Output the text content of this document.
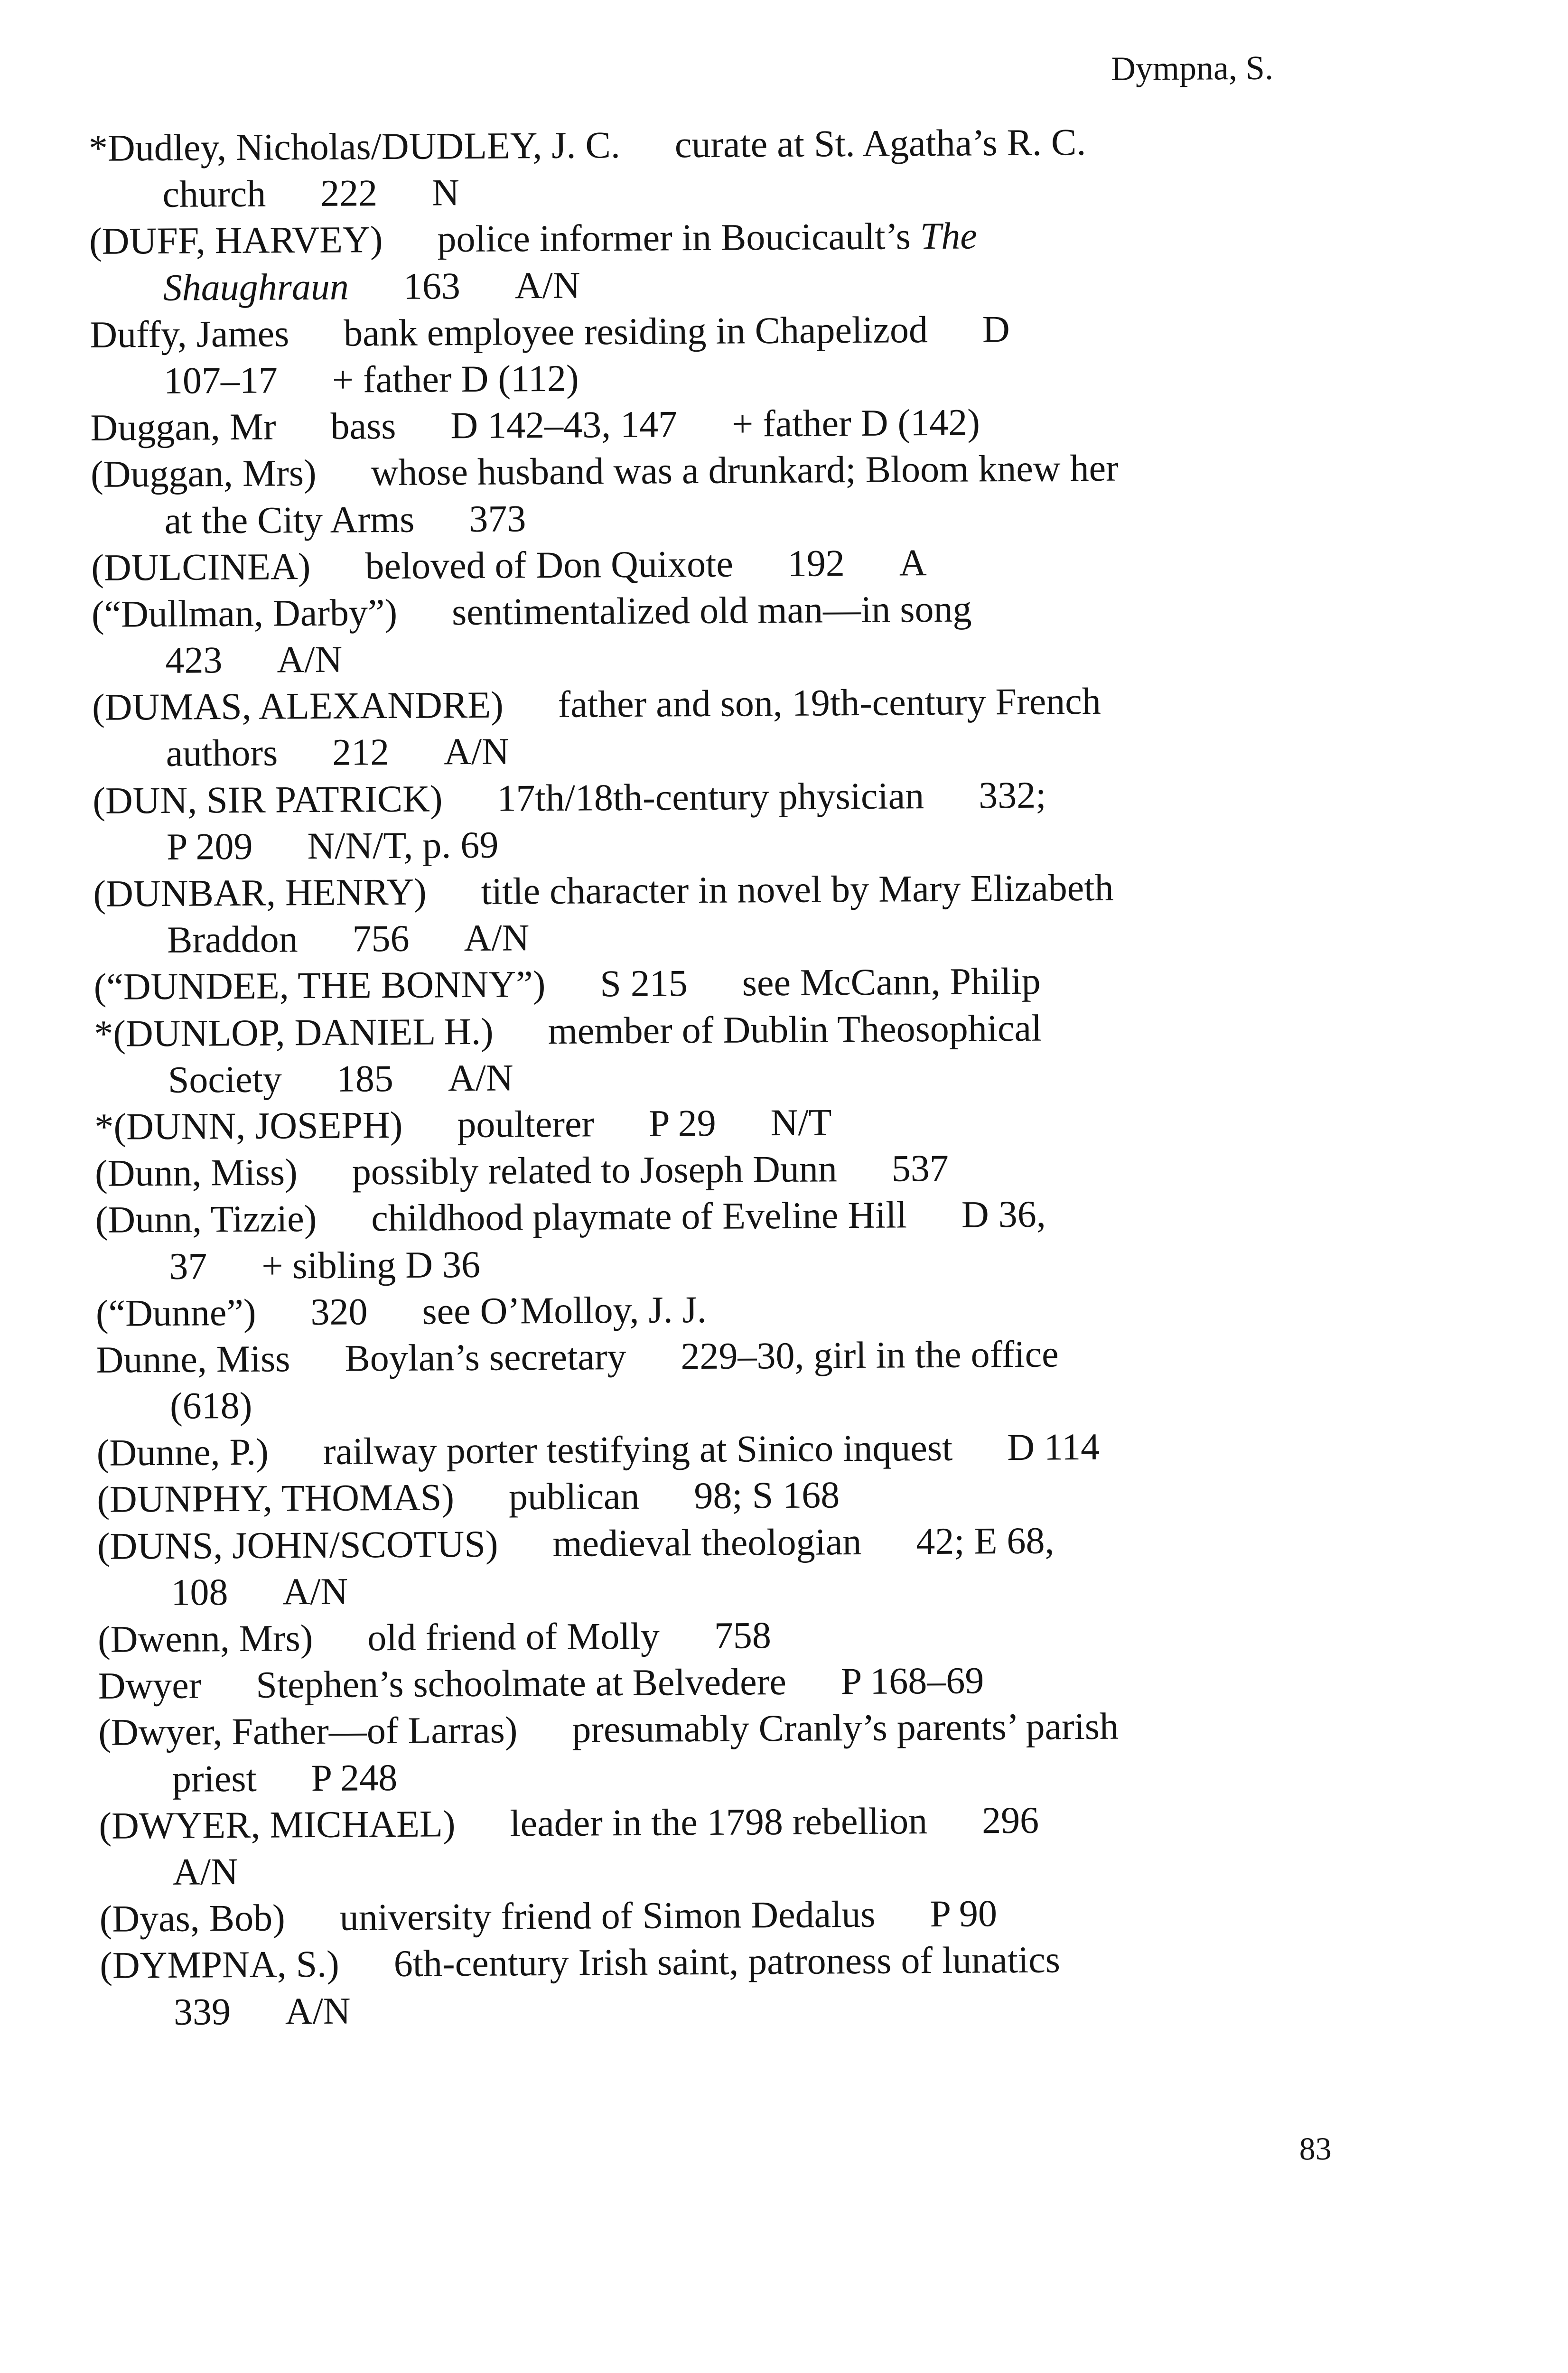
Dympna, S.
*Dudley, Nicholas/DUDLEY, J. C. curate at St. Agatha’s R. C.
church 222 N
(DUFF, HARVEY) police informer in Boucicault’s The
Shaughraun 163 A/N
Duffy, James bank employee residing in Chapelizod D
107–17 + father D (112)
Duggan, Mr bass D 142–43, 147 + father D (142)
(Duggan, Mrs) whose husband was a drunkard; Bloom knew her
at the City Arms 373
(DULCINEA) beloved of Don Quixote 192 A
(“Dullman, Darby”) sentimentalized old man—in song
423 A/N
(DUMAS, ALEXANDRE) father and son, 19th-century French
authors 212 A/N
(DUN, SIR PATRICK) 17th/18th-century physician 332;
P 209 N/N/T, p. 69
(DUNBAR, HENRY) title character in novel by Mary Elizabeth
Braddon 756 A/N
(“DUNDEE, THE BONNY”) S 215 see McCann, Philip
*(DUNLOP, DANIEL H.) member of Dublin Theosophical
Society 185 A/N
*(DUNN, JOSEPH) poulterer P 29 N/T
(Dunn, Miss) possibly related to Joseph Dunn 537
(Dunn, Tizzie) childhood playmate of Eveline Hill D 36,
37 + sibling D 36
(“Dunne”) 320 see O’Molloy, J. J.
Dunne, Miss Boylan’s secretary 229–30, girl in the office
(618)
(Dunne, P.) railway porter testifying at Sinico inquest D 114
(DUNPHY, THOMAS) publican 98; S 168
(DUNS, JOHN/SCOTUS) medieval theologian 42; E 68,
108 A/N
(Dwenn, Mrs) old friend of Molly 758
Dwyer Stephen’s schoolmate at Belvedere P 168–69
(Dwyer, Father—of Larras) presumably Cranly’s parents’ parish
priest P 248
(DWYER, MICHAEL) leader in the 1798 rebellion 296
A/N
(Dyas, Bob) university friend of Simon Dedalus P 90
(DYMPNA, S.) 6th-century Irish saint, patroness of lunatics
339 A/N
83
